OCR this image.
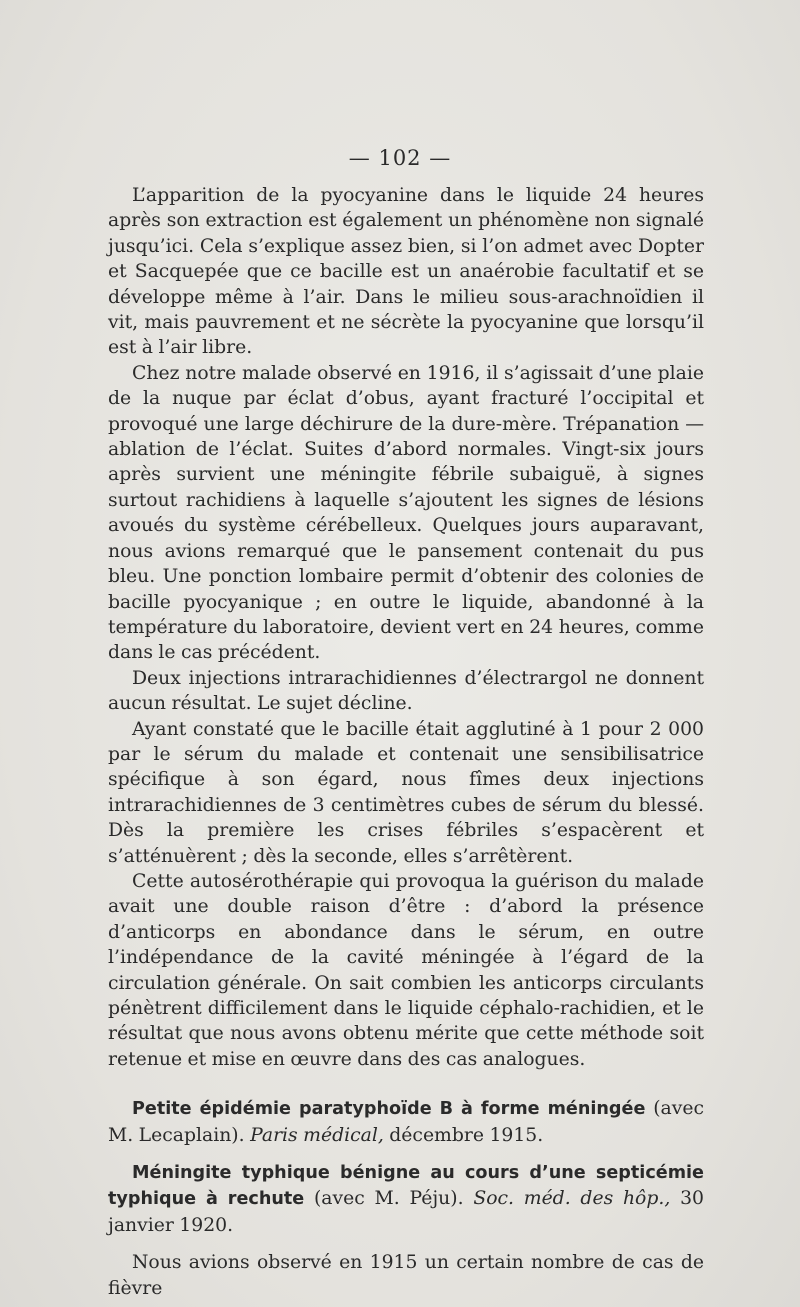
— 102 —

L’apparition de la pyocyanine dans le liquide 24 heures après son extraction est également un phénomène non signalé jusqu’ici. Cela s’explique assez bien, si l’on admet avec Dopter et Sacquepée que ce bacille est un anaérobie facultatif et se développe même à l’air. Dans le milieu sous-arachnoïdien il vit, mais pauvrement et ne sécrète la pyocyanine que lorsqu’il est à l’air libre.

Chez notre malade observé en 1916, il s’agissait d’une plaie de la nuque par éclat d’obus, ayant fracturé l’occipital et provoqué une large déchirure de la dure-mère. Trépanation — ablation de l’éclat. Suites d’abord normales. Vingt-six jours après survient une méningite fébrile subaiguë, à signes surtout rachidiens à laquelle s’ajoutent les signes de lésions avoués du système cérébelleux. Quelques jours auparavant, nous avions remarqué que le pansement contenait du pus bleu. Une ponction lombaire permit d’obtenir des colonies de bacille pyocyanique ; en outre le liquide, abandonné à la température du laboratoire, devient vert en 24 heures, comme dans le cas précédent.

Deux injections intrarachidiennes d’électrargol ne donnent aucun résultat. Le sujet décline.

Ayant constaté que le bacille était agglutiné à 1 pour 2 000 par le sérum du malade et contenait une sensibilisatrice spécifique à son égard, nous fîmes deux injections intrarachidiennes de 3 centimètres cubes de sérum du blessé. Dès la première les crises fébriles s’espacèrent et s’atténuèrent ; dès la seconde, elles s’arrêtèrent.

Cette autosérothérapie qui provoqua la guérison du malade avait une double raison d’être : d’abord la présence d’anticorps en abondance dans le sérum, en outre l’indépendance de la cavité méningée à l’égard de la circulation générale. On sait combien les anticorps circulants pénètrent difficilement dans le liquide céphalo-rachidien, et le résultat que nous avons obtenu mérite que cette méthode soit retenue et mise en œuvre dans des cas analogues.

Petite épidémie paratyphoïde B à forme méningée (avec M. Lecaplain). Paris médical, décembre 1915.

Méningite typhique bénigne au cours d’une septicémie typhique à rechute (avec M. Péju). Soc. méd. des hôp., 30 janvier 1920.

Nous avions observé en 1915 un certain nombre de cas de fièvre
